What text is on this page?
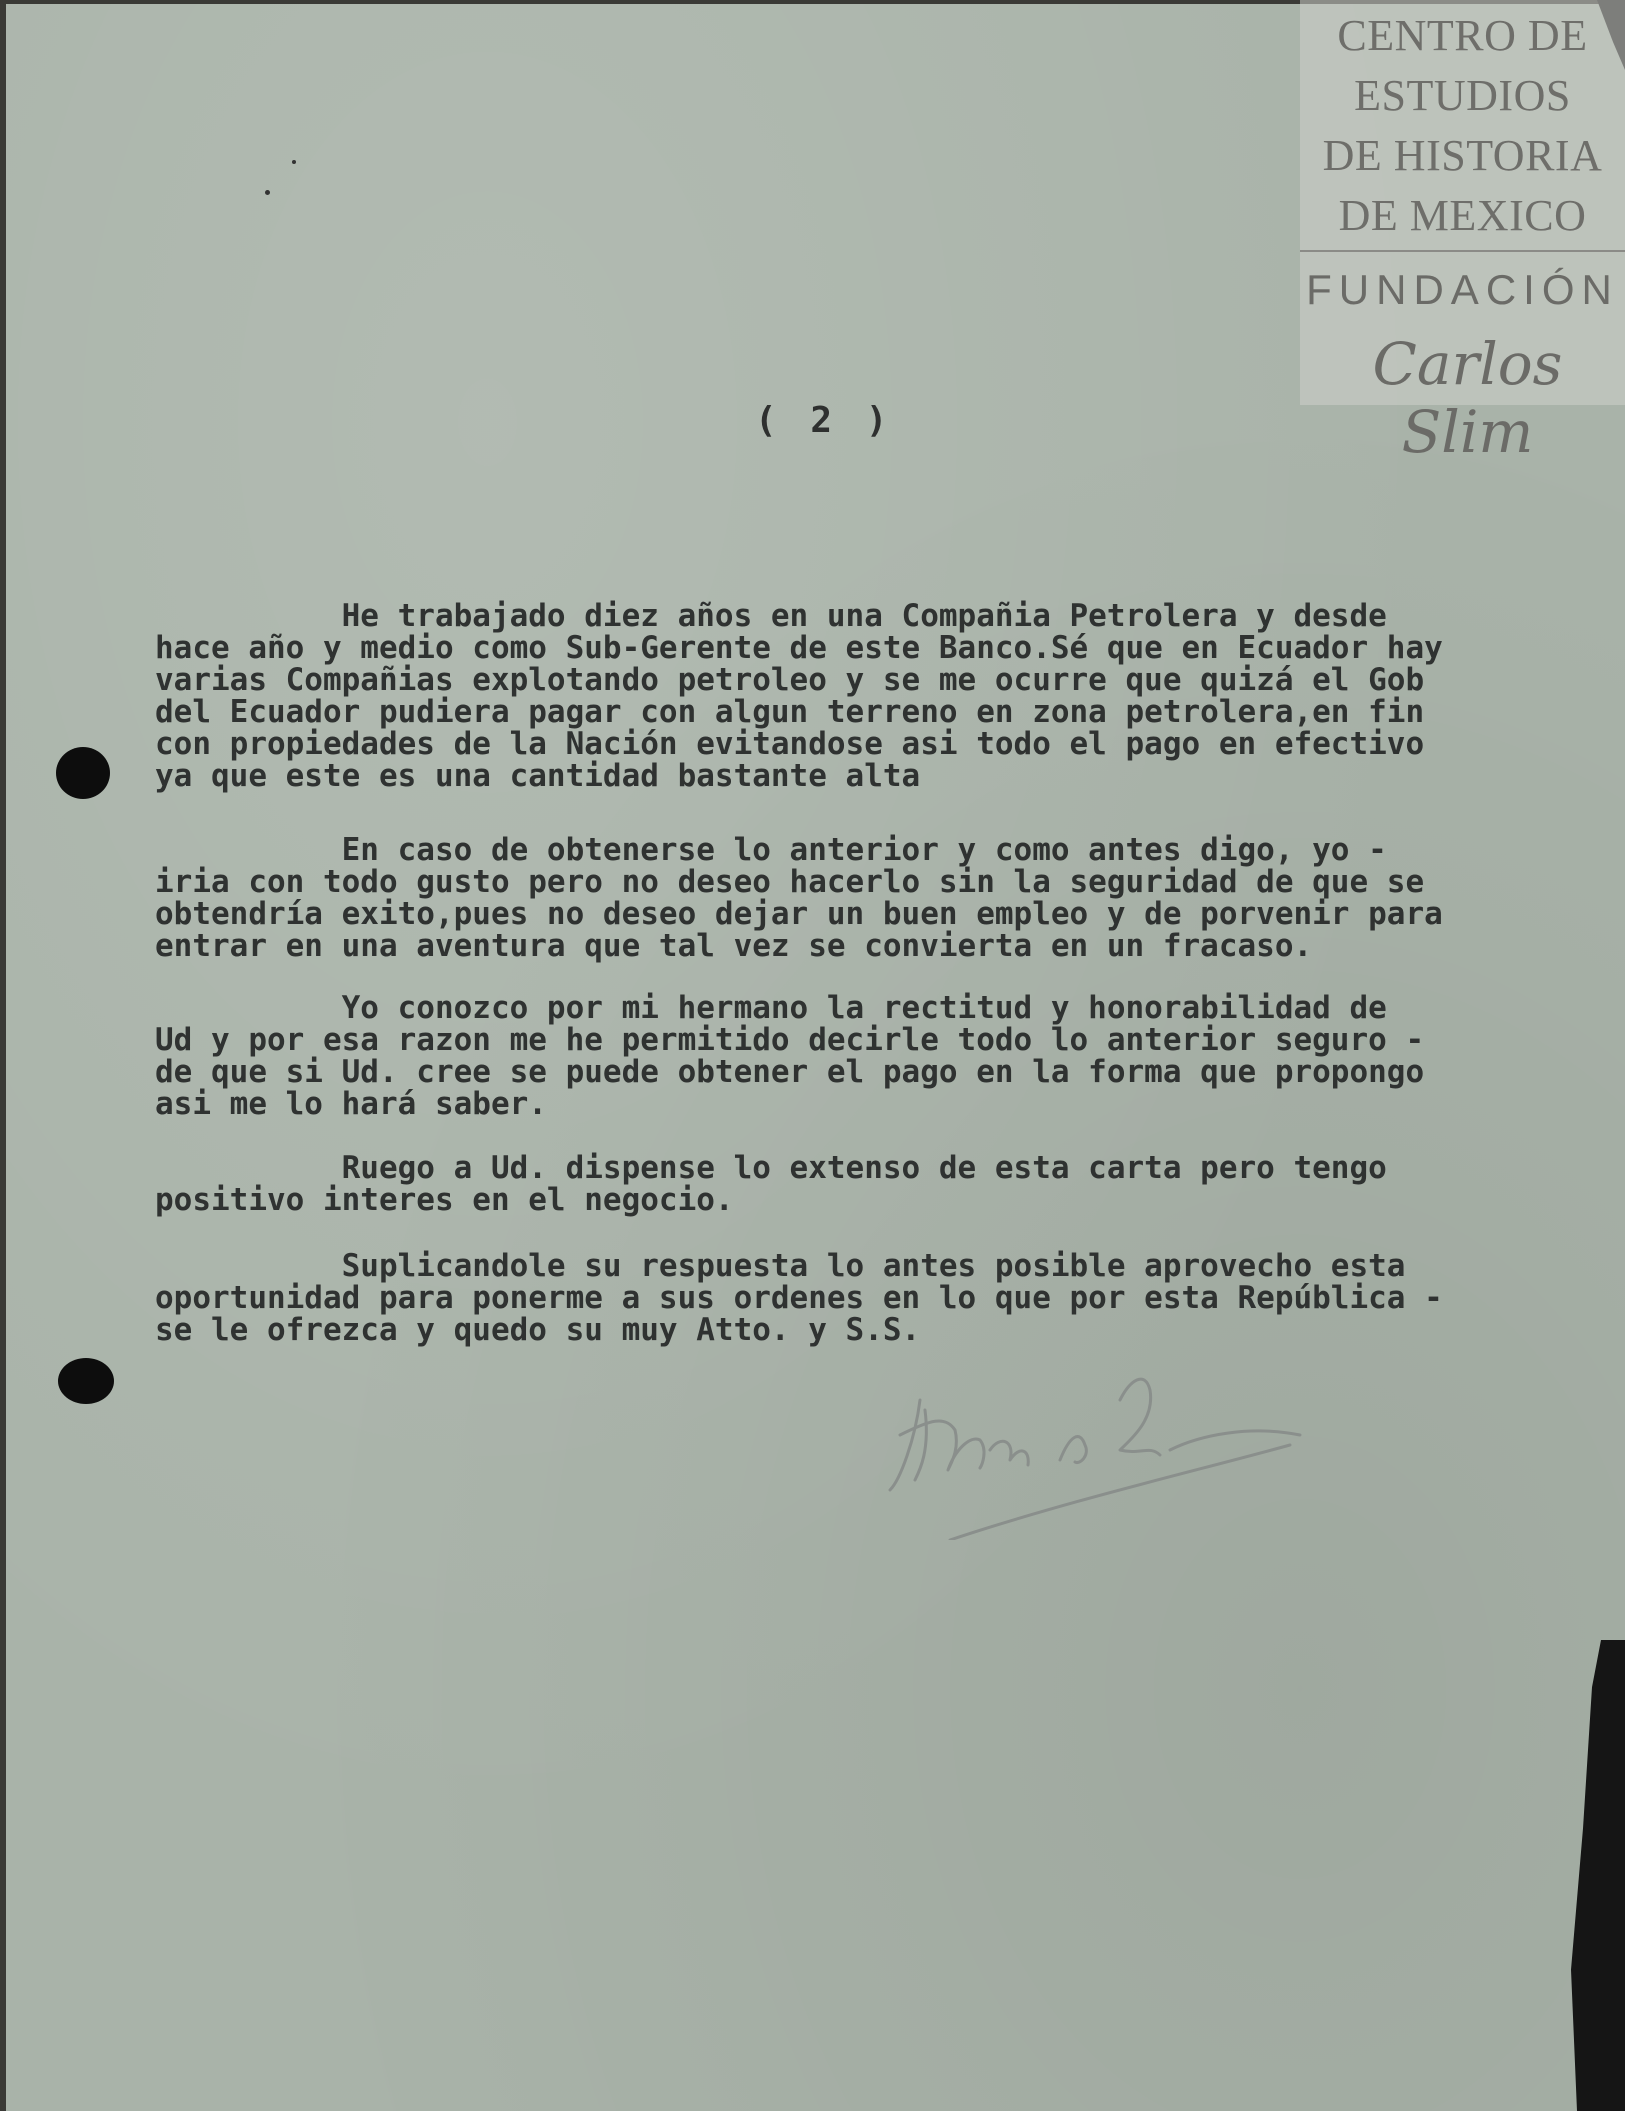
CENTRO DE
ESTUDIOS
DE HISTORIA
DE MEXICO
FUNDACIÓN
Carlos Slim
( 2 )
He trabajado diez años en una Compañia Petrolera y desde
hace año y medio como Sub-Gerente de este Banco.Sé que en Ecuador hay
varias Compañias explotando petroleo y se me ocurre que quizá el Gob
del Ecuador pudiera pagar con algun terreno en zona petrolera,en fin
con propiedades de la Nación evitandose asi todo el pago en efectivo
ya que este es una cantidad bastante alta
En caso de obtenerse lo anterior y como antes digo, yo -
iria con todo gusto pero no deseo hacerlo sin la seguridad de que se
obtendría exito,pues no deseo dejar un buen empleo y de porvenir para
entrar en una aventura que tal vez se convierta en un fracaso.
Yo conozco por mi hermano la rectitud y honorabilidad de
Ud y por esa razon me he permitido decirle todo lo anterior seguro -
de que si Ud. cree se puede obtener el pago en la forma que propongo
asi me lo hará saber.
Ruego a Ud. dispense lo extenso de esta carta pero tengo
positivo interes en el negocio.
Suplicandole su respuesta lo antes posible aprovecho esta
oportunidad para ponerme a sus ordenes en lo que por esta República -
se le ofrezca y quedo su muy Atto. y S.S.
